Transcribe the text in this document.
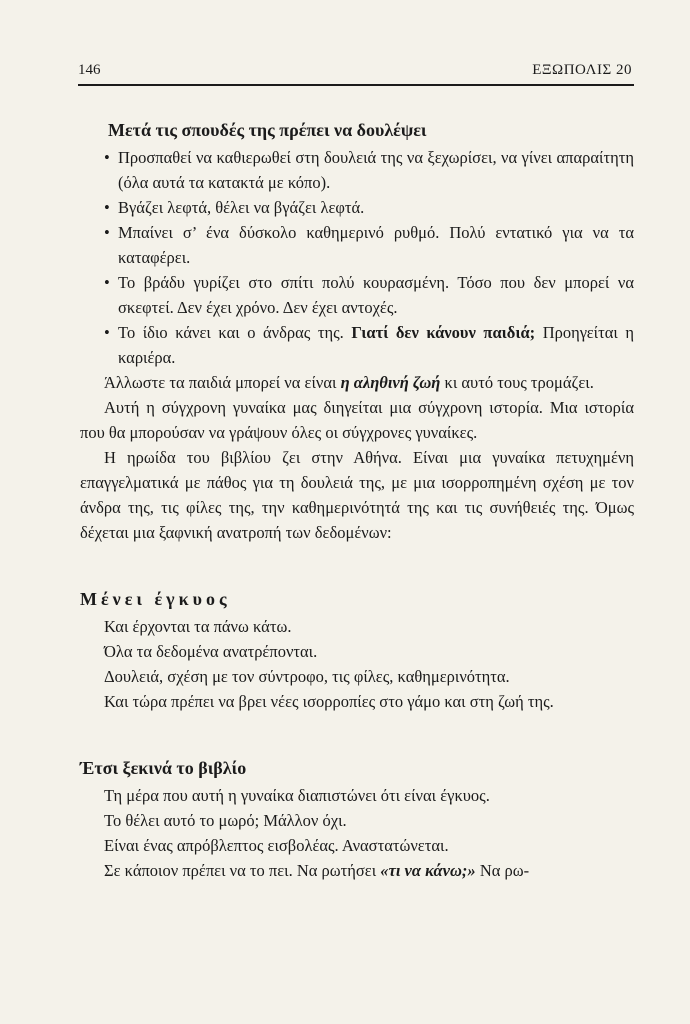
146	ΕΞΩΠΟΛΙΣ 20
Μετά τις σπουδές της πρέπει να δουλέψει
• Προσπαθεί να καθιερωθεί στη δουλειά της να ξεχωρίσει, να γίνει απαραίτητη (όλα αυτά τα κατακτά με κόπο).
• Βγάζει λεφτά, θέλει να βγάζει λεφτά.
• Μπαίνει σ’ ένα δύσκολο καθημερινό ρυθμό. Πολύ εντατικό για να τα καταφέρει.
• Το βράδυ γυρίζει στο σπίτι πολύ κουρασμένη. Τόσο που δεν μπορεί να σκεφτεί. Δεν έχει χρόνο. Δεν έχει αντοχές.
• Το ίδιο κάνει και ο άνδρας της. Γιατί δεν κάνουν παιδιά; Προηγείται η καριέρα.

Άλλωστε τα παιδιά μπορεί να είναι η αληθινή ζωή κι αυτό τους τρομάζει.

Αυτή η σύγχρονη γυναίκα μας διηγείται μια σύγχρονη ιστορία. Μια ιστορία που θα μπορούσαν να γράψουν όλες οι σύγχρονες γυναίκες.

Η ηρωίδα του βιβλίου ζει στην Αθήνα. Είναι μια γυναίκα πετυχημένη επαγγελματικά με πάθος για τη δουλειά της, με μια ισορροπημένη σχέση με τον άνδρα της, τις φίλες της, την καθημερινότητά της και τις συνήθειές της. Όμως δέχεται μια ξαφνική ανατροπή των δεδομένων:

Μένει έγκυος

Και έρχονται τα πάνω κάτω.

Όλα τα δεδομένα ανατρέπονται.

Δουλειά, σχέση με τον σύντροφο, τις φίλες, καθημερινότητα.

Και τώρα πρέπει να βρει νέες ισορροπίες στο γάμο και στη ζωή της.

Έτσι ξεκινά το βιβλίο

Τη μέρα που αυτή η γυναίκα διαπιστώνει ότι είναι έγκυος.

Το θέλει αυτό το μωρό; Μάλλον όχι.

Είναι ένας απρόβλεπτος εισβολέας. Αναστατώνεται.

Σε κάποιον πρέπει να το πει. Να ρωτήσει «τι να κάνω;» Να ρω-
